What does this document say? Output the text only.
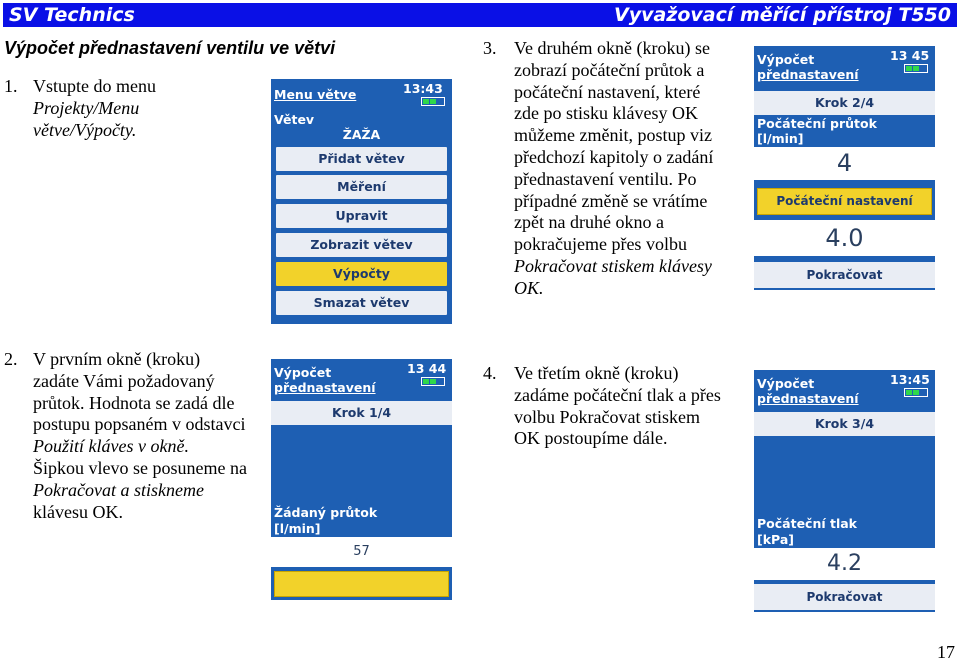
SV Technics	Vyvažovací měřící přístroj T550
Výpočet přednastavení ventilu ve větvi
1. Vstupte do menu
Projekty/Menu
větve/Výpočty.
Menu větve	13:43
Větev
ŽAŽA
Přidat větev
Měření
Upravit
Zobrazit větev
Výpočty
Smazat větev
3. Ve druhém okně (kroku) se
zobrazí počáteční průtok a
počáteční nastavení, které
zde po stisku klávesy OK
můžeme změnit, postup viz
předchozí kapitoly o zadání
přednastavení ventilu. Po
případné změně se vrátíme
zpět na druhé okno a
pokračujeme přes volbu
Pokračovat stiskem klávesy
OK.
Výpočet
přednastavení
13 45
Krok 2/4
Počáteční průtok
[l/min]
4
Počáteční nastavení
4.0
Pokračovat
2. V prvním okně (kroku)
zadáte Vámi požadovaný
průtok. Hodnota se zadá dle
postupu popsaném v odstavci
Použití kláves v okně.
Šipkou vlevo se posuneme na
Pokračovat a stiskneme
klávesu OK.
Výpočet
přednastavení
13 44
Krok 1/4
Žádaný průtok
[l/min]
57
4. Ve třetím okně (kroku)
zadáme počáteční tlak a přes
volbu Pokračovat stiskem
OK postoupíme dále.
Výpočet
přednastavení
13:45
Krok 3/4
Počáteční tlak
[kPa]
4.2
Pokračovat
17
